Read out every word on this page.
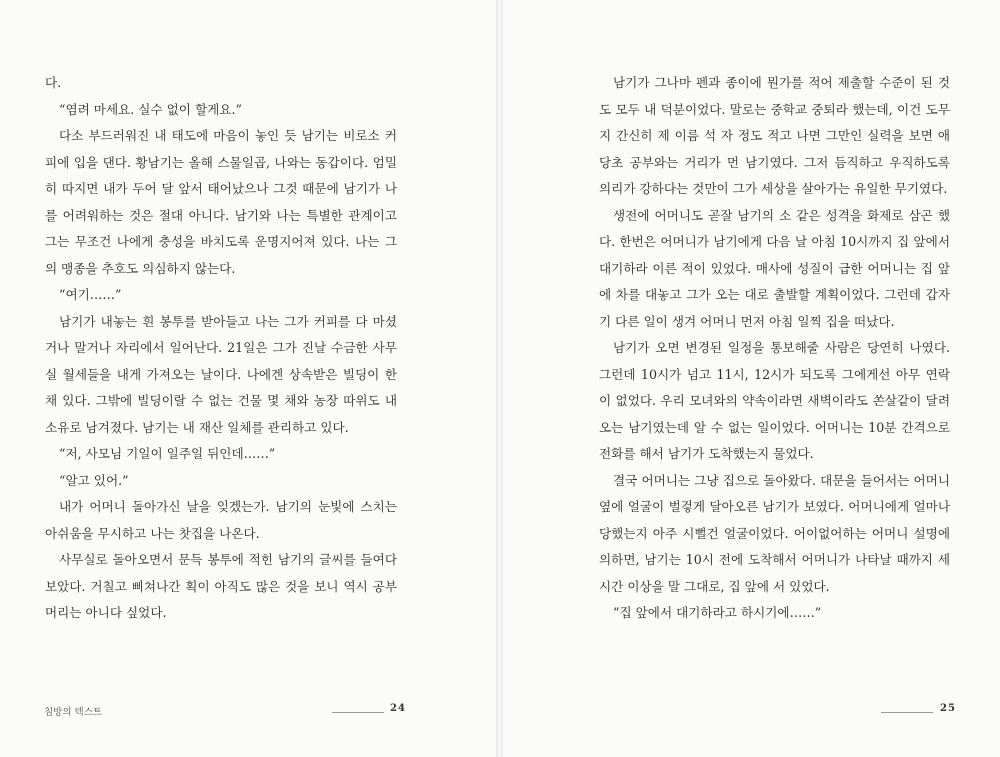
다.

“염려 마세요. 실수 없이 할게요.”

다소 부드러워진 내 태도에 마음이 놓인 듯 남기는 비로소 커피에 입을 댄다. 황남기는 올해 스물일곱, 나와는 동갑이다. 엄밀히 따지면 내가 두어 달 앞서 태어났으나 그것 때문에 남기가 나를 어려워하는 것은 절대 아니다. 남기와 나는 특별한 관계이고 그는 무조건 나에게 충성을 바치도록 운명지어져 있다. 나는 그의 맹종을 추호도 의심하지 않는다.

“여기……”

남기가 내놓는 흰 봉투를 받아들고 나는 그가 커피를 다 마셨거나 말거나 자리에서 일어난다. 21일은 그가 진날 수금한 사무실 월세들을 내게 가져오는 날이다. 나에겐 상속받은 빌딩이 한 채 있다. 그밖에 빌딩이랄 수 없는 건물 몇 채와 농장 따위도 내 소유로 남겨졌다. 남기는 내 재산 일체를 관리하고 있다.

“저, 사모님 기일이 일주일 뒤인데……”

“알고 있어.”

내가 어머니 돌아가신 날을 잊겠는가. 남기의 눈빛에 스치는 아쉬움을 무시하고 나는 찻집을 나온다.

사무실로 돌아오면서 문득 봉투에 적힌 남기의 글씨를 들여다보았다. 거칠고 삐쳐나간 획이 아직도 많은 것을 보니 역시 공부머리는 아니다 싶었다.

침방의 텍스트	24

남기가 그나마 펜과 종이에 뭔가를 적어 제출할 수준이 된 것도 모두 내 덕분이었다. 말로는 중학교 중퇴라 했는데, 이건 도무지 간신히 제 이름 석 자 정도 적고 나면 그만인 실력을 보면 애당초 공부와는 거리가 먼 남기였다. 그저 듬직하고 우직하도록 의리가 강하다는 것만이 그가 세상을 살아가는 유일한 무기였다.

생전에 어머니도 곧잘 남기의 소 같은 성격을 화제로 삼곤 했다. 한번은 어머니가 남기에게 다음 날 아침 10시까지 집 앞에서 대기하라 이른 적이 있었다. 매사에 성질이 급한 어머니는 집 앞에 차를 대놓고 그가 오는 대로 출발할 계획이었다. 그런데 갑자기 다른 일이 생겨 어머니 먼저 아침 일찍 집을 떠났다.

남기가 오면 변경된 일정을 통보해줄 사람은 당연히 나였다. 그런데 10시가 넘고 11시, 12시가 되도록 그에게선 아무 연락이 없었다. 우리 모녀와의 약속이라면 새벽이라도 쏜살같이 달려오는 남기였는데 알 수 없는 일이었다. 어머니는 10분 간격으로 전화를 해서 남기가 도착했는지 물었다.

결국 어머니는 그냥 집으로 돌아왔다. 대문을 들어서는 어머니 옆에 얼굴이 벌겋게 달아오른 남기가 보였다. 어머니에게 얼마나 당했는지 아주 시뻘건 얼굴이었다. 어이없어하는 어머니 설명에 의하면, 남기는 10시 전에 도착해서 어머니가 나타날 때까지 세 시간 이상을 말 그대로, 집 앞에 서 있었다.

“집 앞에서 대기하라고 하시기에……”

25
